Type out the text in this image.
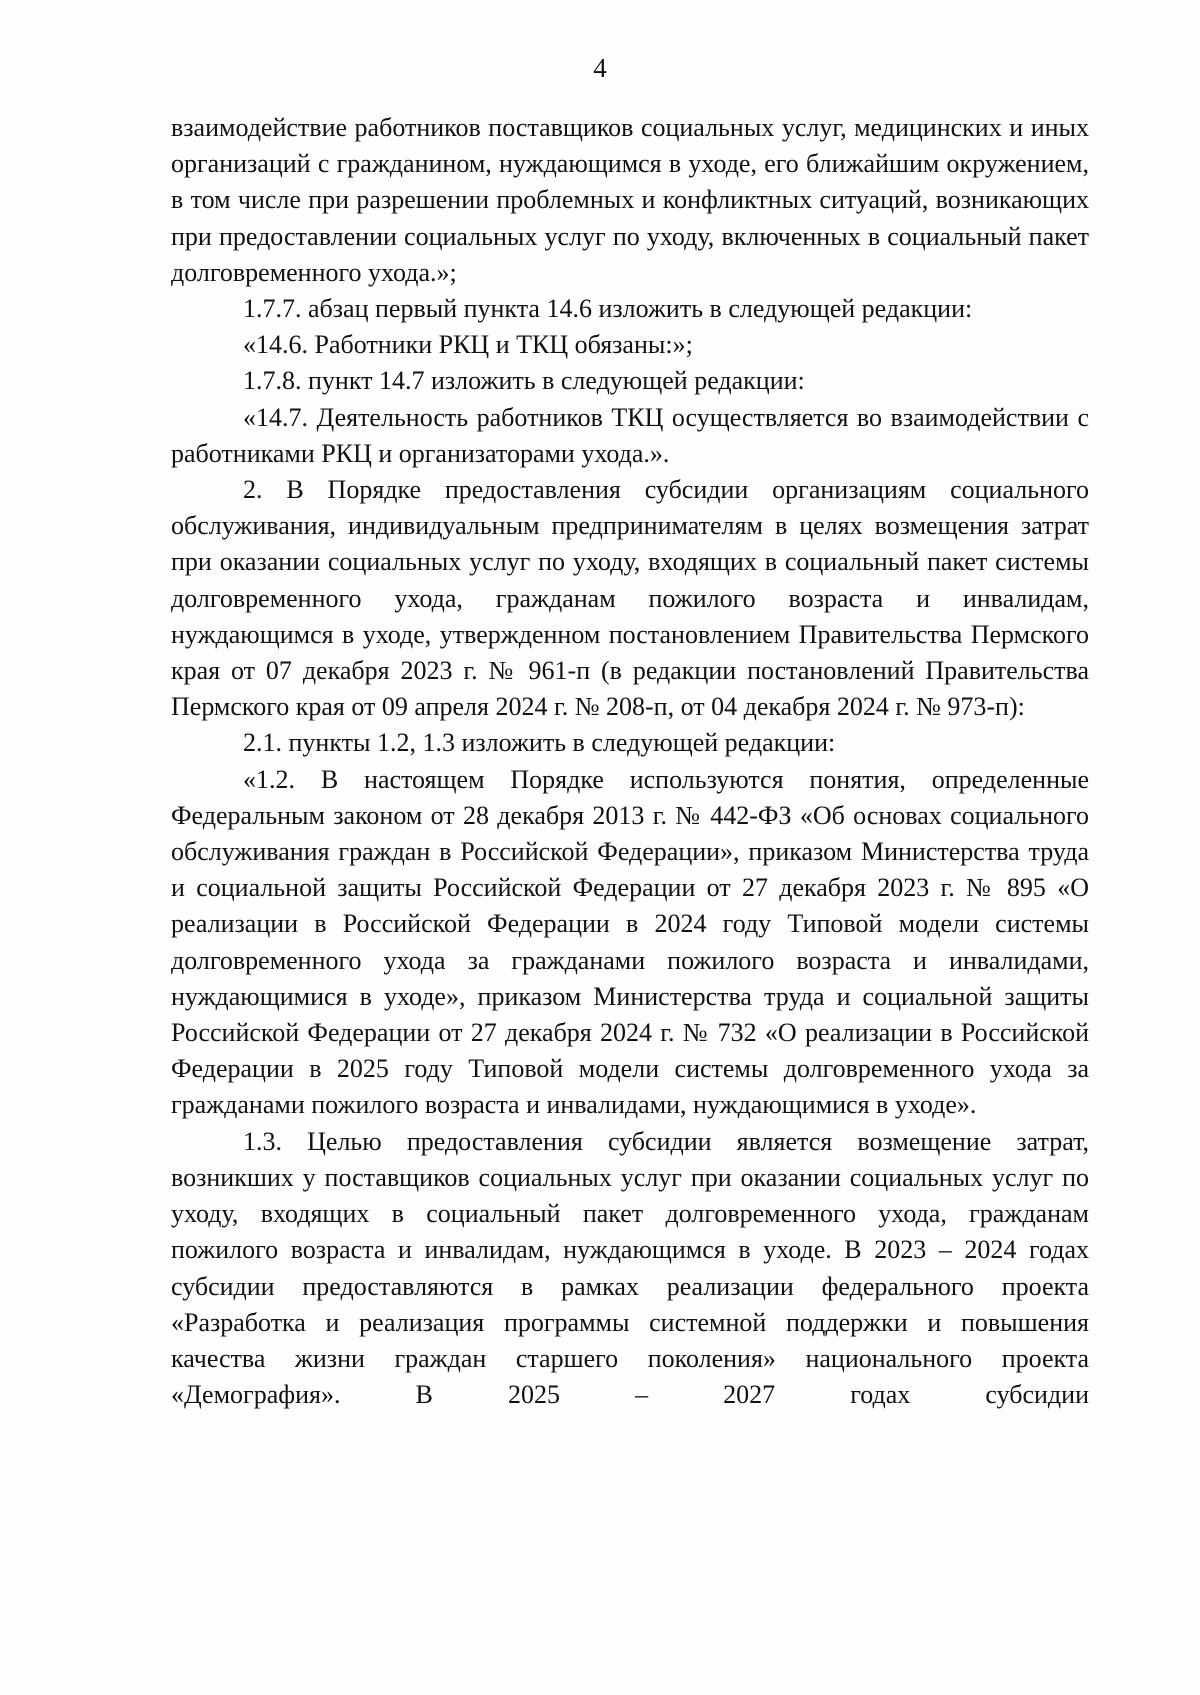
4

взаимодействие работников поставщиков социальных услуг, медицинских и иных организаций с гражданином, нуждающимся в уходе, его ближайшим окружением, в том числе при разрешении проблемных и конфликтных ситуаций, возникающих при предоставлении социальных услуг по уходу, включенных в социальный пакет долговременного ухода.»;

1.7.7. абзац первый пункта 14.6 изложить в следующей редакции:

«14.6. Работники РКЦ и ТКЦ обязаны:»;

1.7.8. пункт 14.7 изложить в следующей редакции:

«14.7. Деятельность работников ТКЦ осуществляется во взаимодействии с работниками РКЦ и организаторами ухода.».

2. В Порядке предоставления субсидии организациям социального обслуживания, индивидуальным предпринимателям в целях возмещения затрат при оказании социальных услуг по уходу, входящих в социальный пакет системы долговременного ухода, гражданам пожилого возраста и инвалидам, нуждающимся в уходе, утвержденном постановлением Правительства Пермского края от 07 декабря 2023 г. № 961-п (в редакции постановлений Правительства Пермского края от 09 апреля 2024 г. № 208-п, от 04 декабря 2024 г. № 973-п):

2.1. пункты 1.2, 1.3 изложить в следующей редакции:

«1.2. В настоящем Порядке используются понятия, определенные Федеральным законом от 28 декабря 2013 г. № 442-ФЗ «Об основах социального обслуживания граждан в Российской Федерации», приказом Министерства труда и социальной защиты Российской Федерации от 27 декабря 2023 г. № 895 «О реализации в Российской Федерации в 2024 году Типовой модели системы долговременного ухода за гражданами пожилого возраста и инвалидами, нуждающимися в уходе», приказом Министерства труда и социальной защиты Российской Федерации от 27 декабря 2024 г. № 732 «О реализации в Российской Федерации в 2025 году Типовой модели системы долговременного ухода за гражданами пожилого возраста и инвалидами, нуждающимися в уходе».

1.3. Целью предоставления субсидии является возмещение затрат, возникших у поставщиков социальных услуг при оказании социальных услуг по уходу, входящих в социальный пакет долговременного ухода, гражданам пожилого возраста и инвалидам, нуждающимся в уходе. В 2023 – 2024 годах субсидии предоставляются в рамках реализации федерального проекта «Разработка и реализация программы системной поддержки и повышения качества жизни граждан старшего поколения» национального проекта «Демография». В 2025 – 2027 годах субсидии
